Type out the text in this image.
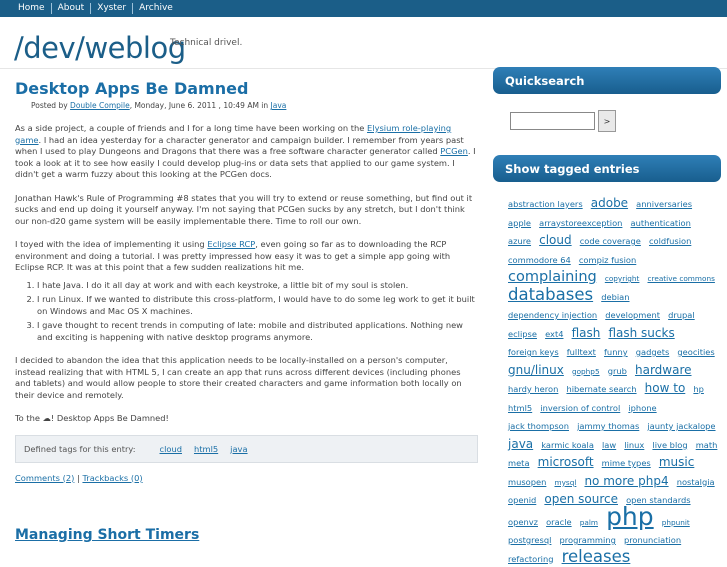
Home	About	Xyster	Archive
/dev/weblog
Technical drivel.
Desktop Apps Be Damned
Posted by Double Compile, Monday, June 6. 2011 , 10:49 AM in Java

As a side project, a couple of friends and I for a long time have been working on the Elysium role-playing game. I had an idea yesterday for a character generator and campaign builder. I remember from years past when I used to play Dungeons and Dragons that there was a free software character generator called PCGen. I took a look at it to see how easily I could develop plug-ins or data sets that applied to our game system. I didn't get a warm fuzzy about this looking at the PCGen docs.

Jonathan Hawk's Rule of Programming #8 states that you will try to extend or reuse something, but find out it sucks and end up doing it yourself anyway. I'm not saying that PCGen sucks by any stretch, but I don't think our non-d20 game system will be easily implementable there. Time to roll our own.

I toyed with the idea of implementing it using Eclipse RCP, even going so far as to downloading the RCP environment and doing a tutorial. I was pretty impressed how easy it was to get a simple app going with Eclipse RCP. It was at this point that a few sudden realizations hit me.

1. I hate Java. I do it all day at work and with each keystroke, a little bit of my soul is stolen.
2. I run Linux. If we wanted to distribute this cross-platform, I would have to do some leg work to get it built on Windows and Mac OS X machines.
3. I gave thought to recent trends in computing of late: mobile and distributed applications. Nothing new and exciting is happening with native desktop programs anymore.

I decided to abandon the idea that this application needs to be locally-installed on a person's computer, instead realizing that with HTML 5, I can create an app that runs across different devices (including phones and tablets) and would allow people to store their created characters and game information both locally on their device and remotely.

To the ☁! Desktop Apps Be Damned!

Defined tags for this entry:	cloud html5 java
Comments (2) | Trackbacks (0)
Managing Short Timers
Quicksearch
>
Show tagged entries
abstraction layers adobe anniversaries apple arraystoreexception authentication azure cloud code coverage coldfusion commodore 64 compiz fusion complaining copyright creative commons databases debian dependency injection development drupal eclipse ext4 flash flash sucks foreign keys fulltext funny gadgets geocities gnu/linux gophp5 grub hardware hardy heron hibernate search how to hp html5 inversion of control iphone jack thompson jammy thomas jaunty jackalope java karmic koala law linux live blog math meta microsoft mime types music musopen mysql no more php4 nostalgia openid open source open standards openvz oracle palm php phpunit postgresql programming pronunciation refactoring releases
